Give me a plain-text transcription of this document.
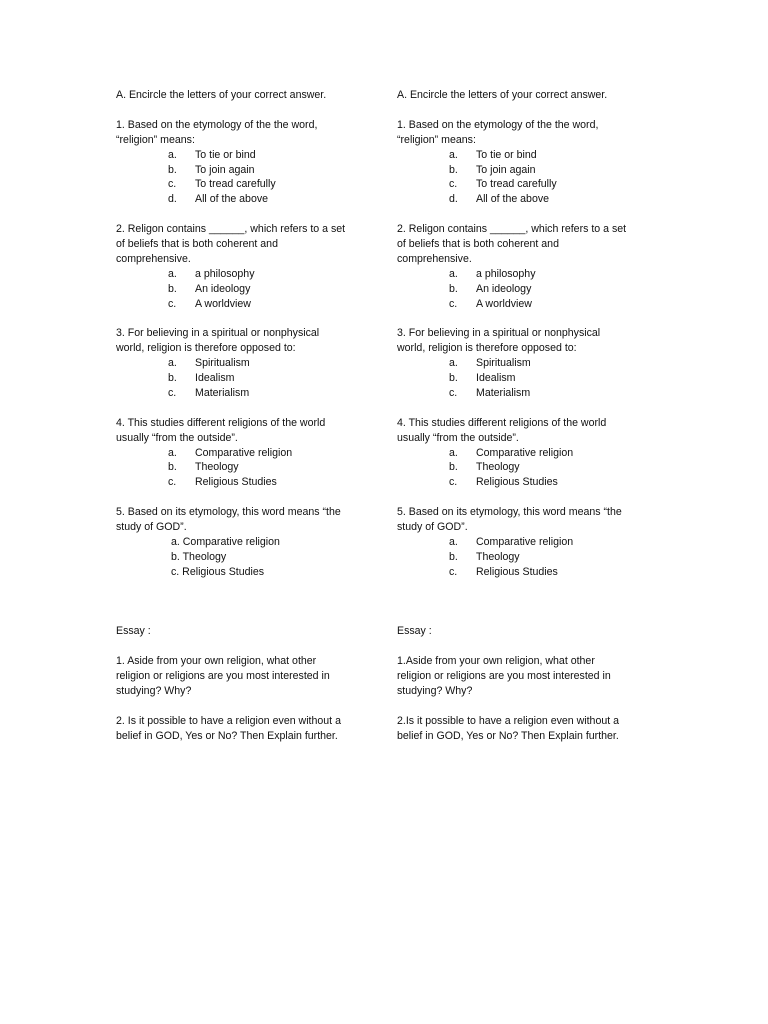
A. Encircle the letters of your correct answer.
1. Based on the etymology of the the word,
“religion” means:
a. To tie or bind
b. To join again
c. To tread carefully
d. All of the above
2. Religon contains ______, which refers to a set
of beliefs that is both coherent and
comprehensive.
a. a philosophy
b. An ideology
c. A worldview
3. For believing in a spiritual or nonphysical
world, religion is therefore opposed to:
a. Spiritualism
b. Idealism
c. Materialism
4. This studies different religions of the world
usually “from the outside”.
a. Comparative religion
b. Theology
c. Religious Studies
5. Based on its etymology, this word means “the
study of GOD”.
a. Comparative religion
b. Theology
c. Religious Studies
Essay :
1. Aside from your own religion, what other
religion or religions are you most interested in
studying? Why?
2. Is it possible to have a religion even without a
belief in GOD, Yes or No? Then Explain further.
A. Encircle the letters of your correct answer.
1. Based on the etymology of the the word,
“religion” means:
a. To tie or bind
b. To join again
c. To tread carefully
d. All of the above
2. Religon contains ______, which refers to a set
of beliefs that is both coherent and
comprehensive.
a. a philosophy
b. An ideology
c. A worldview
3. For believing in a spiritual or nonphysical
world, religion is therefore opposed to:
a. Spiritualism
b. Idealism
c. Materialism
4. This studies different religions of the world
usually “from the outside”.
a. Comparative religion
b. Theology
c. Religious Studies
5. Based on its etymology, this word means “the
study of GOD”.
a. Comparative religion
b. Theology
c. Religious Studies
Essay :
1.Aside from your own religion, what other
religion or religions are you most interested in
studying? Why?
2.Is it possible to have a religion even without a
belief in GOD, Yes or No? Then Explain further.
